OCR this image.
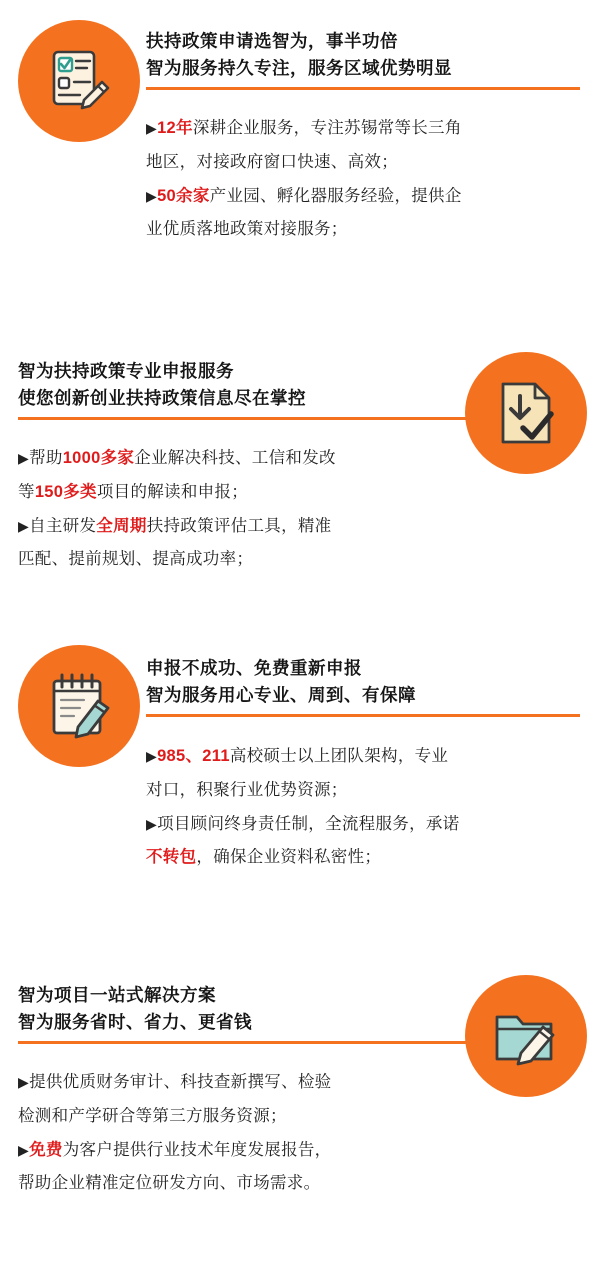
扶持政策申请选智为，事半功倍
智为服务持久专注，服务区域优势明显

▶12年深耕企业服务，专注苏锡常等长三角

地区，对接政府窗口快速、高效；

▶50余家产业园、孵化器服务经验，提供企

业优质落地政策对接服务；

智为扶持政策专业申报服务
使您创新创业扶持政策信息尽在掌控

▶帮助1000多家企业解决科技、工信和发改

等150多类项目的解读和申报；

▶自主研发全周期扶持政策评估工具，精准

匹配、提前规划、提高成功率；

申报不成功、免费重新申报
智为服务用心专业、周到、有保障

▶985、211高校硕士以上团队架构，专业

对口，积聚行业优势资源；

▶项目顾问终身责任制，全流程服务，承诺

不转包，确保企业资料私密性；

智为项目一站式解决方案
智为服务省时、省力、更省钱

▶提供优质财务审计、科技查新撰写、检验

检测和产学研合等第三方服务资源；

▶免费为客户提供行业技术年度发展报告，

帮助企业精准定位研发方向、市场需求。
